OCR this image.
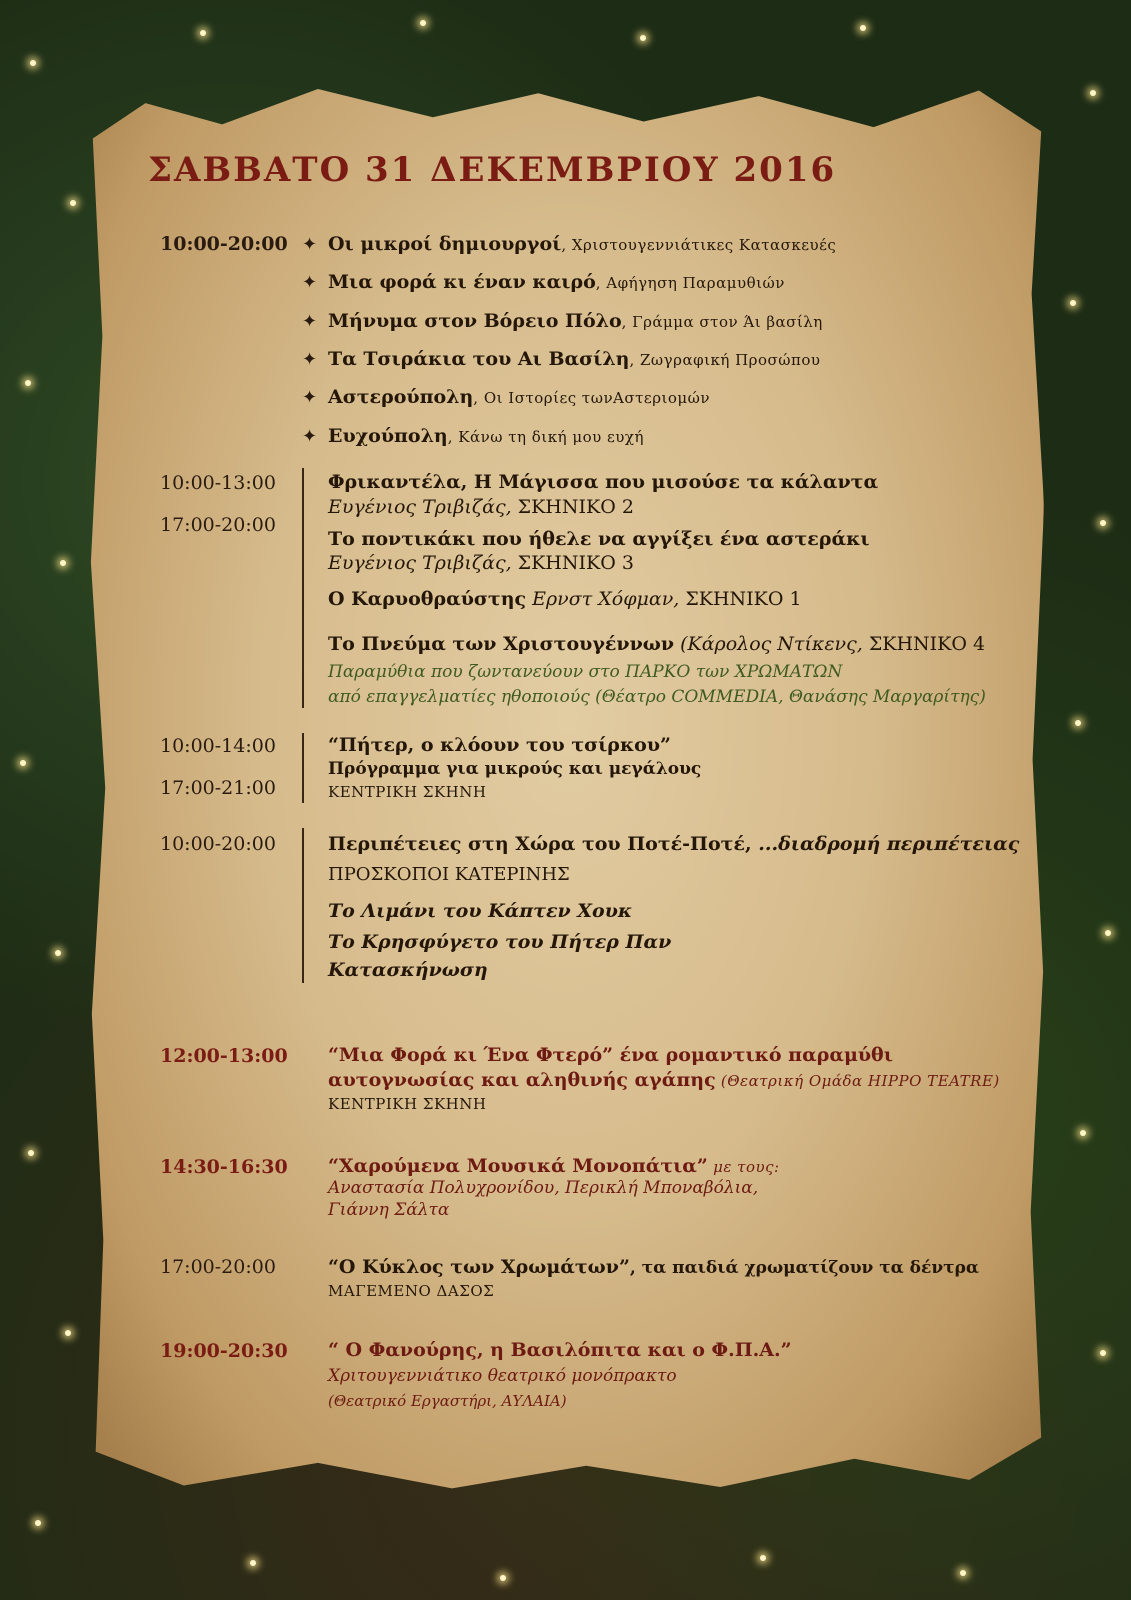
ΣΑΒΒΑΤΟ 31 ΔΕΚΕΜΒΡΙΟΥ 2016
10:00-20:00 ✦ Οι μικροί δημιουργοί, Χριστουγεννιάτικες Κατασκευές
✦ Μια φορά κι έναν καιρό, Αφήγηση Παραμυθιών
✦ Μήνυμα στον Βόρειο Πόλο, Γράμμα στον Άι βασίλη
✦ Τα Τσιράκια του Αι Βασίλη, Ζωγραφική Προσώπου
✦ Αστερούπολη, Οι Ιστορίες τωνΑστεριομών
✦ Ευχούπολη, Κάνω τη δική μου ευχή
10:00-13:00
17:00-20:00
Φρικαντέλα, Η Μάγισσα που μισούσε τα κάλαντα
Ευγένιος Τριβιζάς, ΣΚΗΝΙΚΟ 2
Το ποντικάκι που ήθελε να αγγίξει ένα αστεράκι
Ευγένιος Τριβιζάς, ΣΚΗΝΙΚΟ 3
Ο Καρυοθραύστης Ερνστ Χόφμαν, ΣΚΗΝΙΚΟ 1
Το Πνεύμα των Χριστουγέννων (Κάρολος Ντίκενς, ΣΚΗΝΙΚΟ 4
Παραμύθια που ζωντανεύουν στο ΠΑΡΚΟ των ΧΡΩΜΑΤΩΝ
από επαγγελματίες ηθοποιούς (Θέατρο COMMEDIA, Θανάσης Μαργαρίτης)
10:00-14:00
17:00-21:00
“Πήτερ, ο κλόουν του τσίρκου”
Πρόγραμμα για μικρούς και μεγάλους
ΚΕΝΤΡΙΚΗ ΣΚΗΝΗ
10:00-20:00	Περιπέτειες στη Χώρα του Ποτέ-Ποτέ, ...διαδρομή περιπέτειας
ΠΡΟΣΚΟΠΟΙ ΚΑΤΕΡΙΝΗΣ
Το Λιμάνι του Κάπτεν Χουκ
Το Κρησφύγετο του Πήτερ Παν
Κατασκήνωση
12:00-13:00 “Μια Φορά κι Ένα Φτερό” ένα ρομαντικό παραμύθι
αυτογνωσίας και αληθινής αγάπης (Θεατρική Ομάδα HIPPO TEATRE)
ΚΕΝΤΡΙΚΗ ΣΚΗΝΗ
14:30-16:30 “Χαρούμενα Μουσικά Μονοπάτια” με τους:
Αναστασία Πολυχρονίδου, Περικλή Μποναβόλια,
Γιάννη Σάλτα
17:00-20:00	“Ο Κύκλος των Χρωμάτων”, τα παιδιά χρωματίζουν τα δέντρα
ΜΑΓΕΜΕΝΟ ΔΑΣΟΣ
19:00-20:30 “ Ο Φανούρης, η Βασιλόπιτα και ο Φ.Π.Α.”
Χριτουγεννιάτικο θεατρικό μονόπρακτο
(Θεατρικό Εργαστήρι, ΑΥΛΑΙΑ)
